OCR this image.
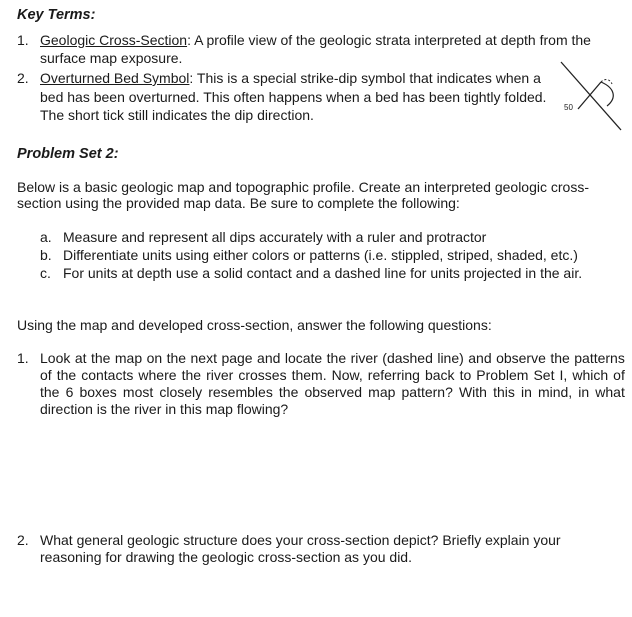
Key Terms:
1. Geologic Cross-Section: A profile view of the geologic strata interpreted at depth from the
surface map exposure.
2. Overturned Bed Symbol: This is a special strike-dip symbol that indicates when a
bed has been overturned. This often happens when a bed has been tightly folded.
The short tick still indicates the dip direction.	50
Problem Set 2:
Below is a basic geologic map and topographic profile. Create an interpreted geologic cross-
section using the provided map data. Be sure to complete the following:
a. Measure and represent all dips accurately with a ruler and protractor
b. Differentiate units using either colors or patterns (i.e. stippled, striped, shaded, etc.)
c. For units at depth use a solid contact and a dashed line for units projected in the air.
Using the map and developed cross-section, answer the following questions:
1. Look at the map on the next page and locate the river (dashed line) and observe the patterns
of the contacts where the river crosses them. Now, referring back to Problem Set I, which of
the 6 boxes most closely resembles the observed map pattern? With this in mind, in what
direction is the river in this map flowing?
2. What general geologic structure does your cross-section depict? Briefly explain your
reasoning for drawing the geologic cross-section as you did.
